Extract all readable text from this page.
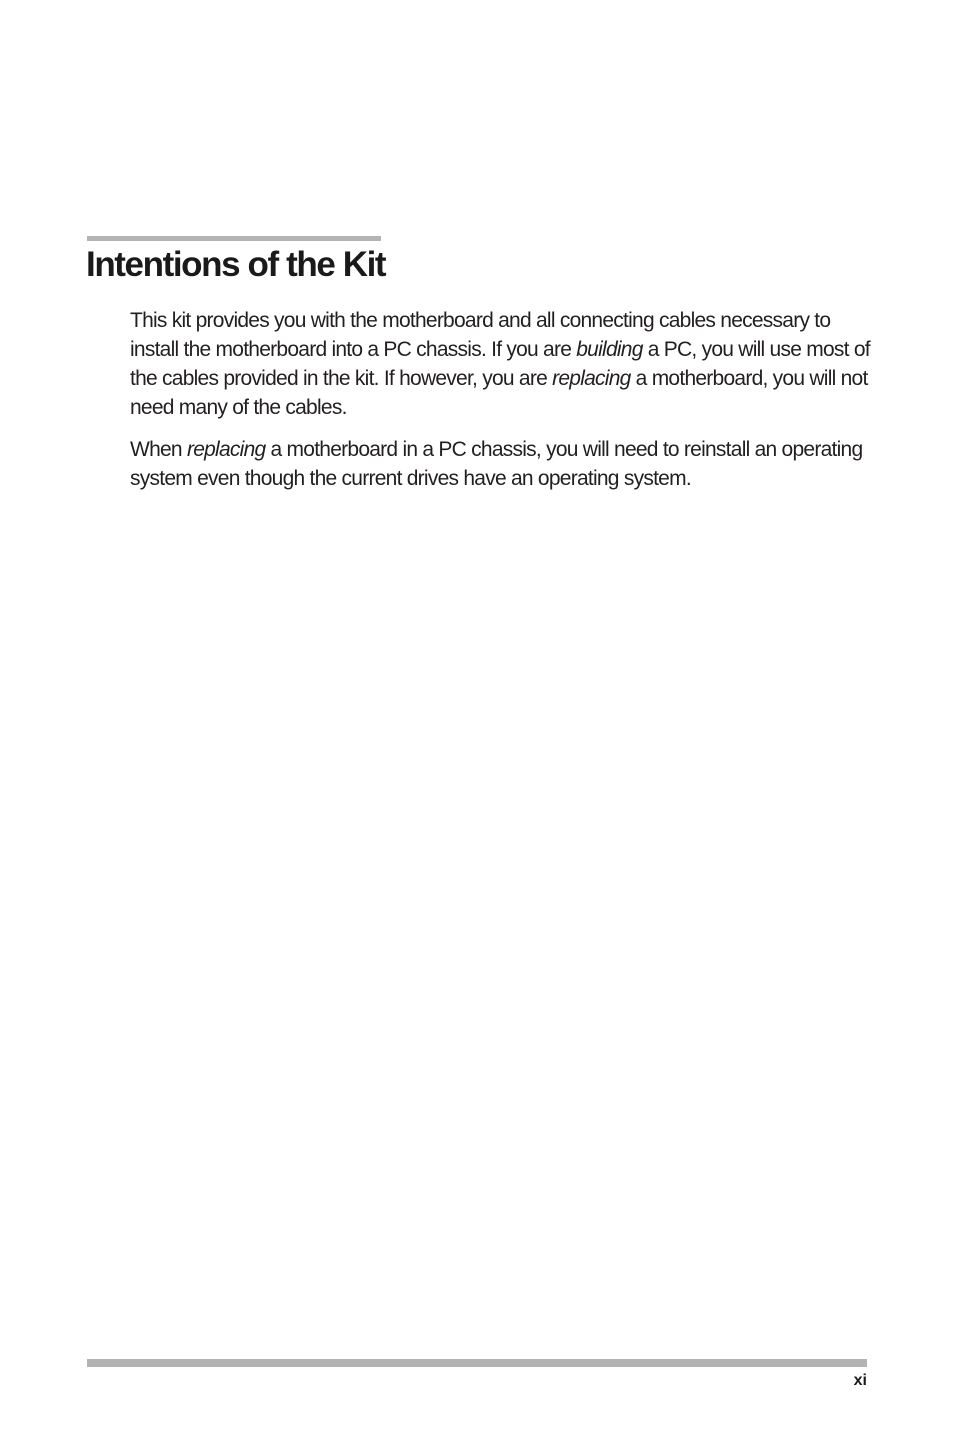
Intentions of the Kit

This kit provides you with the motherboard and all connecting cables necessary to install the motherboard into a PC chassis. If you are building a PC, you will use most of the cables provided in the kit. If however, you are replacing a motherboard, you will not need many of the cables.

When replacing a motherboard in a PC chassis, you will need to reinstall an operating system even though the current drives have an operating system.

xi
